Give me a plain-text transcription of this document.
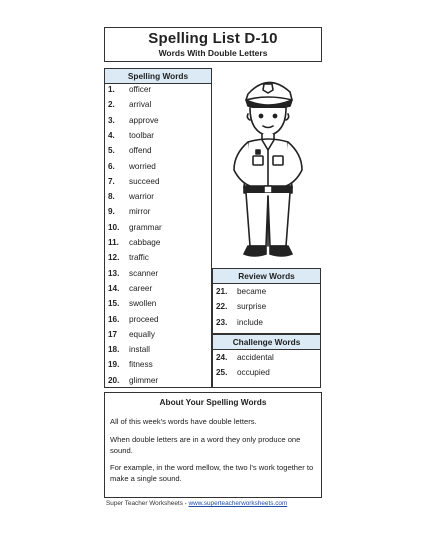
Spelling List D-10
Words With Double Letters
Spelling Words
1. officer
2. arrival
3. approve
4. toolbar
5. offend
6. worried
7. succeed
8. warrior
9. mirror
10. grammar
11. cabbage
12. traffic
13. scanner
14. career
15. swollen
16. proceed
17 equally
18. install
19. fitness
20. glimmer
Review Words
21. became
22. surprise
23. include
Challenge Words
24. accidental
25. occupied
About Your Spelling Words
All of this week's words have double letters.
When double letters are in a word they only produce one sound.
For example, in the word mellow, the two l's work together to make a single sound.
Super Teacher Worksheets - www.superteacherworksheets.com
